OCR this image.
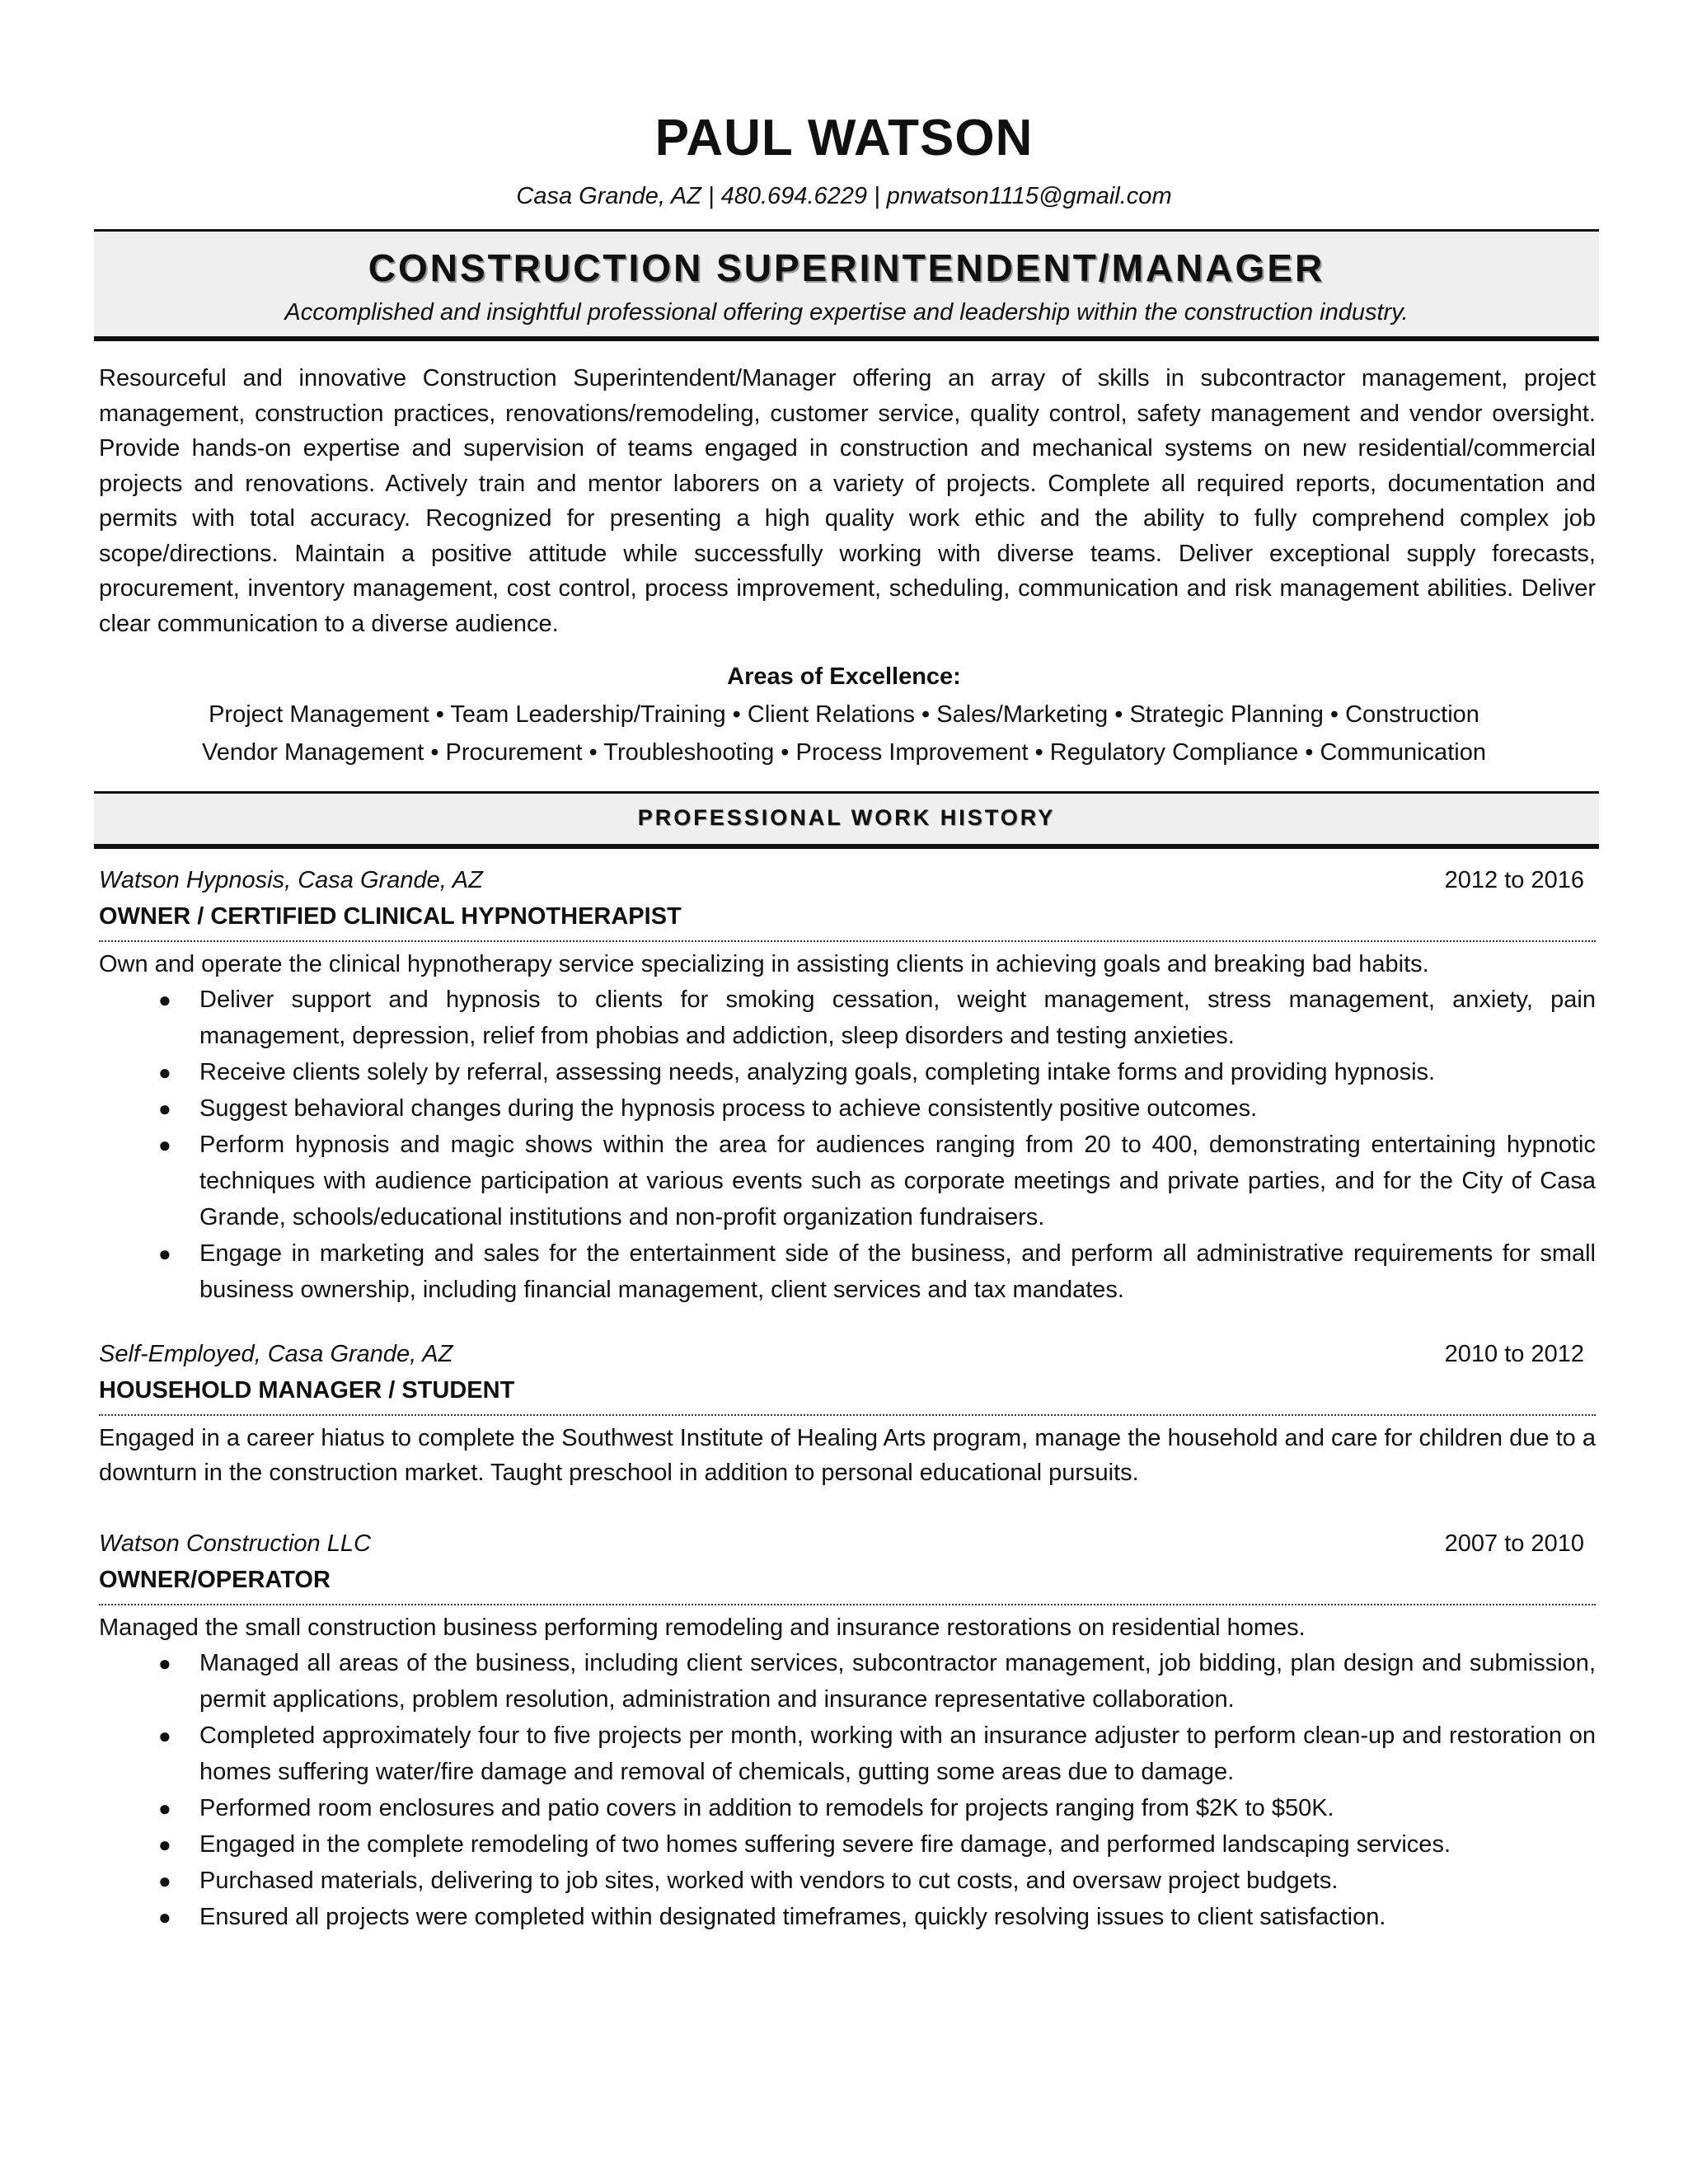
PAUL WATSON
Casa Grande, AZ | 480.694.6229 | pnwatson1115@gmail.com
CONSTRUCTION SUPERINTENDENT/MANAGER
Accomplished and insightful professional offering expertise and leadership within the construction industry.
Resourceful and innovative Construction Superintendent/Manager offering an array of skills in subcontractor management, project management, construction practices, renovations/remodeling, customer service, quality control, safety management and vendor oversight. Provide hands-on expertise and supervision of teams engaged in construction and mechanical systems on new residential/commercial projects and renovations. Actively train and mentor laborers on a variety of projects. Complete all required reports, documentation and permits with total accuracy. Recognized for presenting a high quality work ethic and the ability to fully comprehend complex job scope/directions. Maintain a positive attitude while successfully working with diverse teams. Deliver exceptional supply forecasts, procurement, inventory management, cost control, process improvement, scheduling, communication and risk management abilities. Deliver clear communication to a diverse audience.
Areas of Excellence:
Project Management • Team Leadership/Training • Client Relations • Sales/Marketing • Strategic Planning • Construction
Vendor Management • Procurement • Troubleshooting • Process Improvement • Regulatory Compliance • Communication
PROFESSIONAL WORK HISTORY
Watson Hypnosis, Casa Grande, AZ	2012 to 2016
OWNER / CERTIFIED CLINICAL HYPNOTHERAPIST
Own and operate the clinical hypnotherapy service specializing in assisting clients in achieving goals and breaking bad habits.
● Deliver support and hypnosis to clients for smoking cessation, weight management, stress management, anxiety, pain management, depression, relief from phobias and addiction, sleep disorders and testing anxieties.
● Receive clients solely by referral, assessing needs, analyzing goals, completing intake forms and providing hypnosis.
● Suggest behavioral changes during the hypnosis process to achieve consistently positive outcomes.
● Perform hypnosis and magic shows within the area for audiences ranging from 20 to 400, demonstrating entertaining hypnotic techniques with audience participation at various events such as corporate meetings and private parties, and for the City of Casa Grande, schools/educational institutions and non-profit organization fundraisers.
● Engage in marketing and sales for the entertainment side of the business, and perform all administrative requirements for small business ownership, including financial management, client services and tax mandates.
Self-Employed, Casa Grande, AZ	2010 to 2012
HOUSEHOLD MANAGER / STUDENT
Engaged in a career hiatus to complete the Southwest Institute of Healing Arts program, manage the household and care for children due to a downturn in the construction market. Taught preschool in addition to personal educational pursuits.
Watson Construction LLC	2007 to 2010
OWNER/OPERATOR
Managed the small construction business performing remodeling and insurance restorations on residential homes.
● Managed all areas of the business, including client services, subcontractor management, job bidding, plan design and submission, permit applications, problem resolution, administration and insurance representative collaboration.
● Completed approximately four to five projects per month, working with an insurance adjuster to perform clean-up and restoration on homes suffering water/fire damage and removal of chemicals, gutting some areas due to damage.
● Performed room enclosures and patio covers in addition to remodels for projects ranging from $2K to $50K.
● Engaged in the complete remodeling of two homes suffering severe fire damage, and performed landscaping services.
● Purchased materials, delivering to job sites, worked with vendors to cut costs, and oversaw project budgets.
● Ensured all projects were completed within designated timeframes, quickly resolving issues to client satisfaction.
